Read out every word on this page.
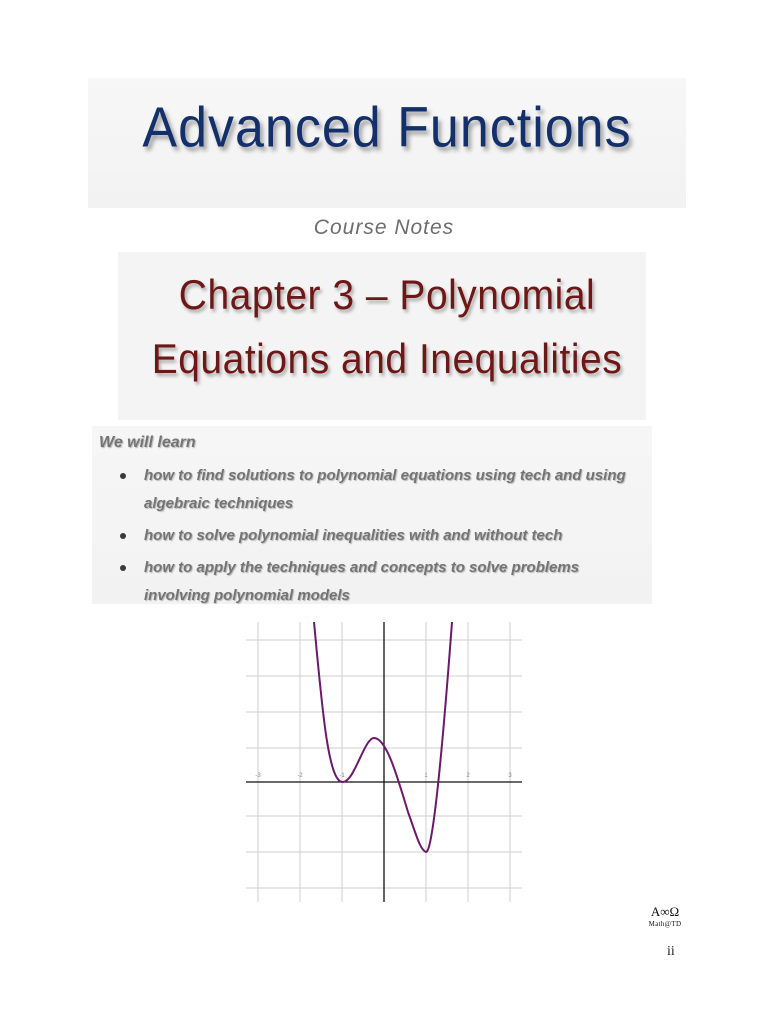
Advanced Functions
Course Notes
Chapter 3 – Polynomial
Equations and Inequalities
We will learn
how to find solutions to polynomial equations using tech and using algebraic techniques
how to solve polynomial inequalities with and without tech
how to apply the techniques and concepts to solve problems involving polynomial models
-3	-2	-1	1	2	3
A∞Ω
Math@TD
ii
